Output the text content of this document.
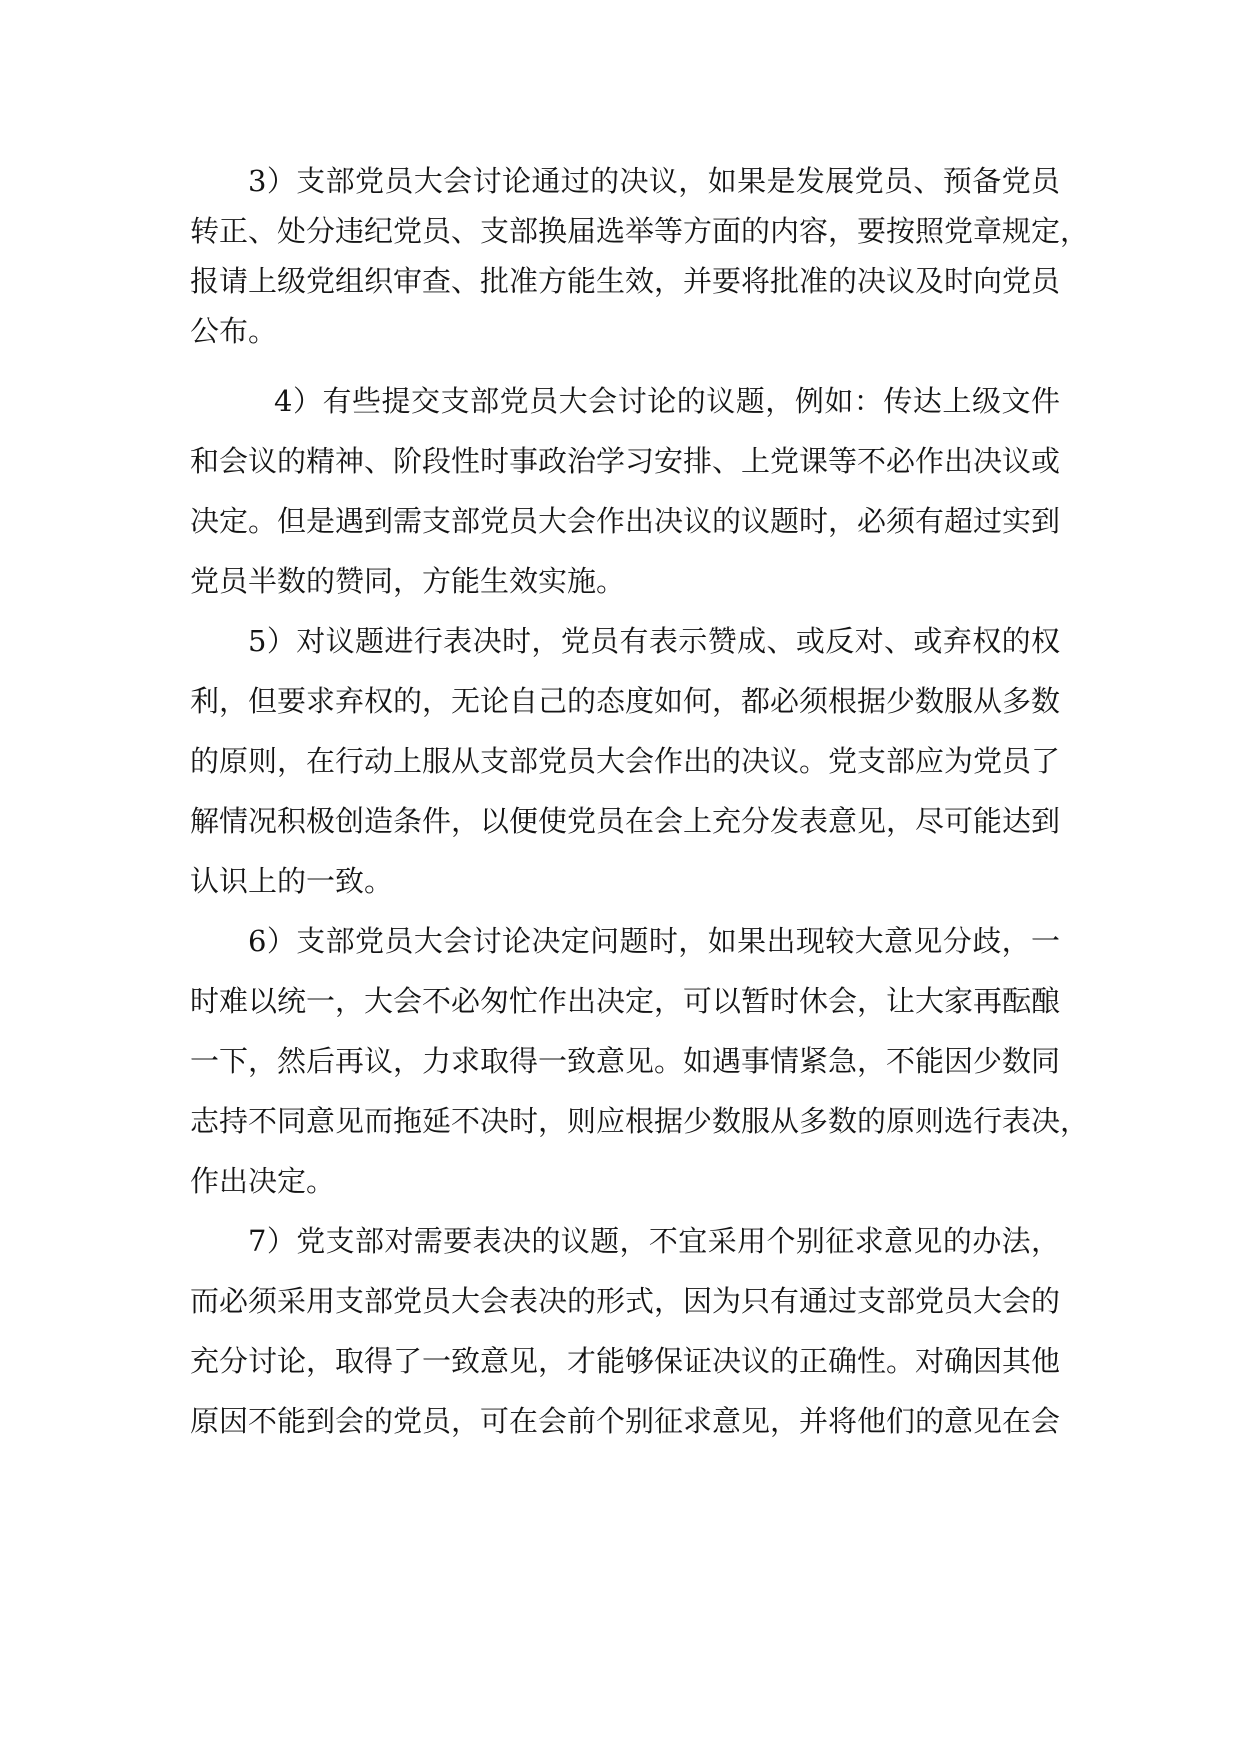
3）支部党员大会讨论通过的决议，如果是发展党员、预备党员
转正、处分违纪党员、支部换届选举等方面的内容，要按照党章规定，
报请上级党组织审查、批准方能生效，并要将批准的决议及时向党员
公布。
4）有些提交支部党员大会讨论的议题，例如：传达上级文件
和会议的精神、阶段性时事政治学习安排、上党课等不必作出决议或
决定。但是遇到需支部党员大会作出决议的议题时，必须有超过实到
党员半数的赞同，方能生效实施。
5）对议题进行表决时，党员有表示赞成、或反对、或弃权的权
利，但要求弃权的，无论自己的态度如何，都必须根据少数服从多数
的原则，在行动上服从支部党员大会作出的决议。党支部应为党员了
解情况积极创造条件，以便使党员在会上充分发表意见，尽可能达到
认识上的一致。
6）支部党员大会讨论决定问题时，如果出现较大意见分歧，一
时难以统一，大会不必匆忙作出决定，可以暂时休会，让大家再酝酿
一下，然后再议，力求取得一致意见。如遇事情紧急，不能因少数同
志持不同意见而拖延不决时，则应根据少数服从多数的原则选行表决，
作出决定。
7）党支部对需要表决的议题，不宜采用个别征求意见的办法，
而必须采用支部党员大会表决的形式，因为只有通过支部党员大会的
充分讨论，取得了一致意见，才能够保证决议的正确性。对确因其他
原因不能到会的党员，可在会前个别征求意见，并将他们的意见在会
